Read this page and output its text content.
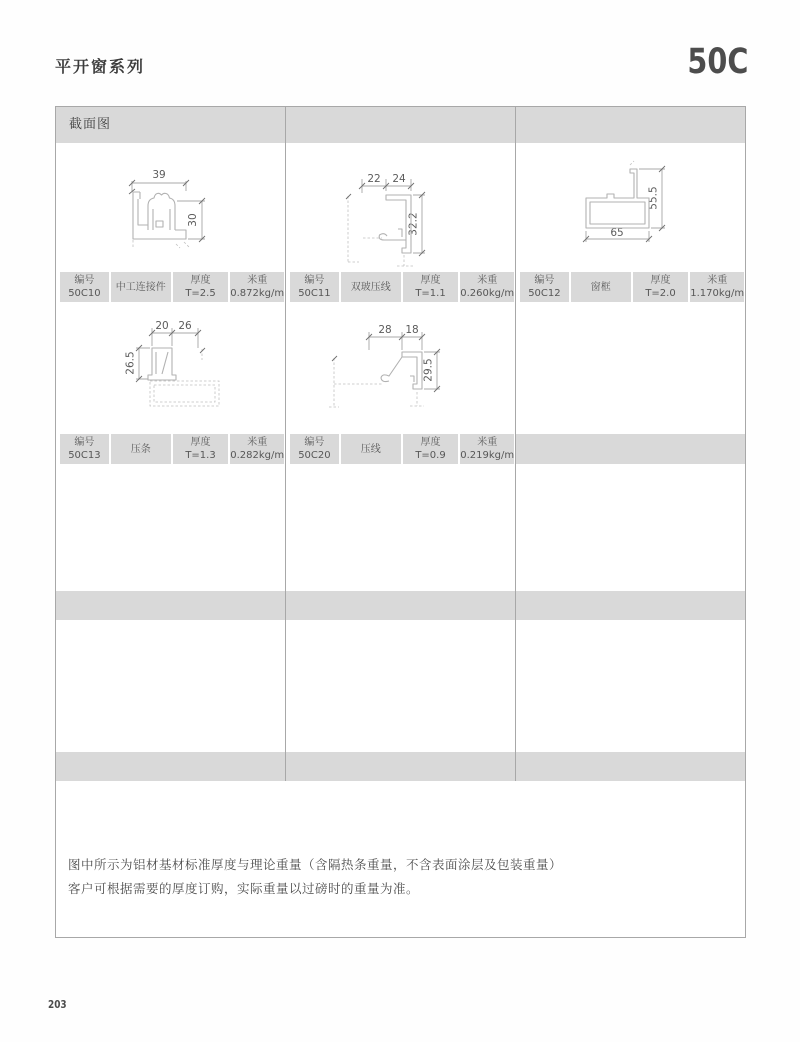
平开窗系列	50C
截面图
39
30
22 24
32.2
55.5
65
编号
50C10
中工连接件
厚度
T=2.5
米重
0.872kg/m
编号
50C11
双玻压线
厚度
T=1.1
米重
0.260kg/m
编号
50C12
窗框
厚度
T=2.0
米重
1.170kg/m
20 26
26.5
28 18
29.5
编号
50C13
压条
厚度
T=1.3
米重
0.282kg/m
编号
50C20
压线
厚度
T=0.9
米重
0.219kg/m
图中所示为铝材基材标准厚度与理论重量（含隔热条重量，不含表面涂层及包装重量）
客户可根据需要的厚度订购，实际重量以过磅时的重量为准。
203
